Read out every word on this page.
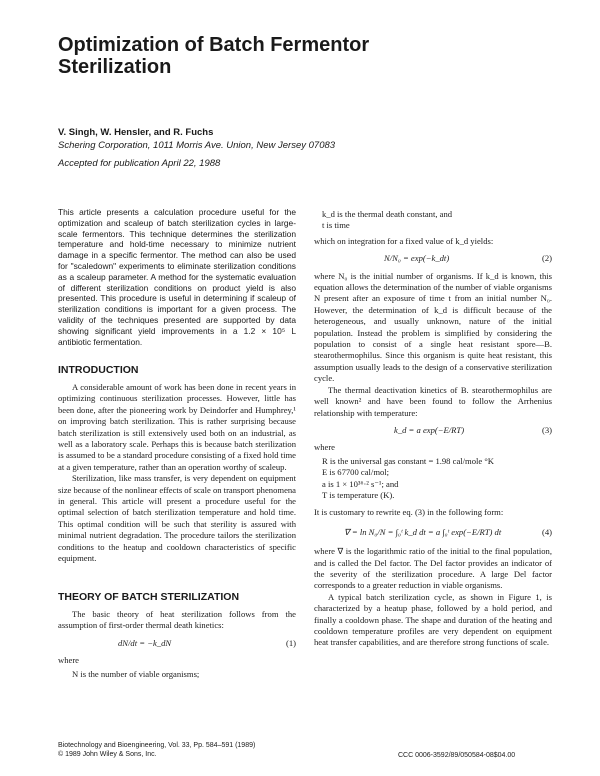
Optimization of Batch Fermentor Sterilization
V. Singh, W. Hensler, and R. Fuchs
Schering Corporation, 1011 Morris Ave. Union, New Jersey 07083
Accepted for publication April 22, 1988
This article presents a calculation procedure useful for the optimization and scaleup of batch sterilization cycles in large-scale fermentors. This technique determines the sterilization temperature and hold-time necessary to minimize nutrient damage in a specific fermentor. The method can also be used for "scaledown" experiments to eliminate sterilization conditions as a scaleup parameter. A method for the systematic evaluation of different sterilization conditions on product yield is also presented. This procedure is useful in determining if scaleup of sterilization conditions is important for a given process. The validity of the techniques presented are supported by data showing significant yield improvements in a 1.2 × 10⁵ L antibiotic fermentation.
INTRODUCTION

A considerable amount of work has been done in recent years in optimizing continuous sterilization processes. However, little has been done, after the pioneering work by Deindorfer and Humphrey,¹ on improving batch sterilization. This is rather surprising because batch sterilization is still extensively used both on an industrial, as well as a laboratory scale. Perhaps this is because batch sterilization is assumed to be a standard procedure consisting of a fixed hold time at a given temperature, rather than an operation worthy of scaleup.

Sterilization, like mass transfer, is very dependent on equipment size because of the nonlinear effects of scale on transport phenomena in general. This article will present a procedure useful for the optimal selection of batch sterilization temperature and hold time. This optimal condition will be such that sterility is assured with minimal nutrient degradation. The procedure tailors the sterilization conditions to the heatup and cooldown characteristics of specific equipment.

THEORY OF BATCH STERILIZATION

The basic theory of heat sterilization follows from the assumption of first-order thermal death kinetics:

dN/dt = −k_dN	(1)
where
N is the number of viable organisms;
k_d is the thermal death constant, and
t is time

which on integration for a fixed value of k_d yields:

N/N₀ = exp(−k_dt)	(2)

where N₀ is the initial number of organisms. If k_d is known, this equation allows the determination of the number of viable organisms N present after an exposure of time t from an initial number N₀. However, the determination of k_d is difficult because of the heterogeneous, and usually unknown, nature of the initial population. Instead the problem is simplified by considering the population to consist of a single heat resistant spore—B. stearothermophilus. Since this organism is quite heat resistant, this assumption usually leads to the design of a conservative sterilization cycle.

The thermal deactivation kinetics of B. stearothermophilus are well known² and have been found to follow the Arrhenius relationship with temperature:

k_d = a exp(−E/RT)	(3)
where
R is the universal gas constant = 1.98 cal/mole °K
E is 67700 cal/mol;
a is 1 × 10³⁶·² s⁻¹; and
T is temperature (K).

It is customary to rewrite eq. (3) in the following form:

∇ = ln N₀/N = ∫₀ᵗ k_d dt = a ∫₀ᵗ exp(−E/RT) dt	(4)

where ∇ is the logarithmic ratio of the initial to the final population, and is called the Del factor. The Del factor provides an indicator of the severity of the sterilization procedure. A large Del factor corresponds to a greater reduction in viable organisms.

A typical batch sterilization cycle, as shown in Figure 1, is characterized by a heatup phase, followed by a hold period, and finally a cooldown phase. The shape and duration of the heating and cooldown temperature profiles are very dependent on equipment heat transfer capabilities, and are therefore strong functions of scale.

Biotechnology and Bioengineering, Vol. 33, Pp. 584–591 (1989)
© 1989 John Wiley & Sons, Inc.	CCC 0006-3592/89/050584-08$04.00
